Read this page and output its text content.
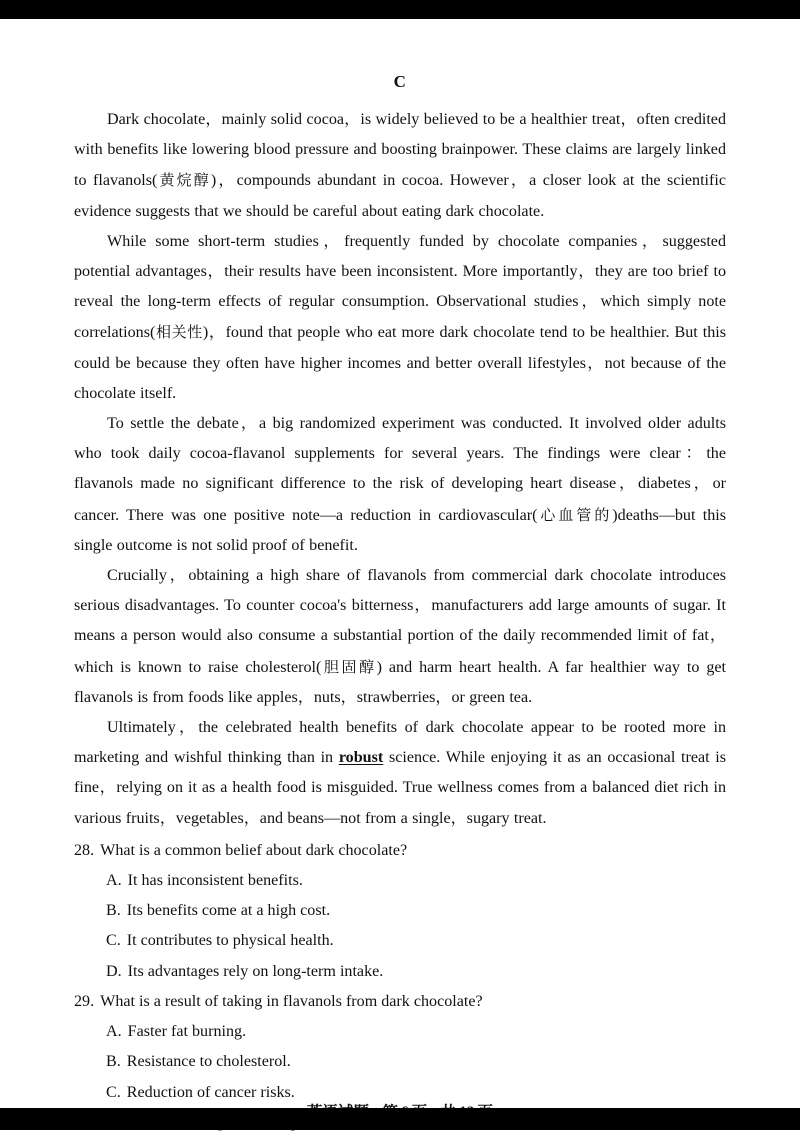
C

Dark chocolate，mainly solid cocoa，is widely believed to be a healthier treat，often credited with benefits like lowering blood pressure and boosting brainpower. These claims are largely linked to flavanols(黄烷醇)，compounds abundant in cocoa. However，a closer look at the scientific evidence suggests that we should be careful about eating dark chocolate.

While some short-term studies，frequently funded by chocolate companies，suggested potential advantages，their results have been inconsistent. More importantly，they are too brief to reveal the long-term effects of regular consumption. Observational studies，which simply note correlations(相关性)，found that people who eat more dark chocolate tend to be healthier. But this could be because they often have higher incomes and better overall lifestyles，not because of the chocolate itself.

To settle the debate，a big randomized experiment was conducted. It involved older adults who took daily cocoa-flavanol supplements for several years. The findings were clear：the flavanols made no significant difference to the risk of developing heart disease，diabetes，or cancer. There was one positive note—a reduction in cardiovascular(心血管的)deaths—but this single outcome is not solid proof of benefit.

Crucially，obtaining a high share of flavanols from commercial dark chocolate introduces serious disadvantages. To counter cocoa's bitterness，manufacturers add large amounts of sugar. It means a person would also consume a substantial portion of the daily recommended limit of fat，which is known to raise cholesterol(胆固醇) and harm heart health. A far healthier way to get flavanols is from foods like apples，nuts，strawberries，or green tea.

Ultimately，the celebrated health benefits of dark chocolate appear to be rooted more in marketing and wishful thinking than in robust science. While enjoying it as an occasional treat is fine，relying on it as a health food is misguided. True wellness comes from a balanced diet rich in various fruits，vegetables，and beans—not from a single，sugary treat.

28. What is a common belief about dark chocolate?
A. It has inconsistent benefits.
B. Its benefits come at a high cost.
C. It contributes to physical health.
D. Its advantages rely on long-term intake.
29. What is a result of taking in flavanols from dark chocolate?
A. Faster fat burning.
B. Resistance to cholesterol.
C. Reduction of cancer risks.
